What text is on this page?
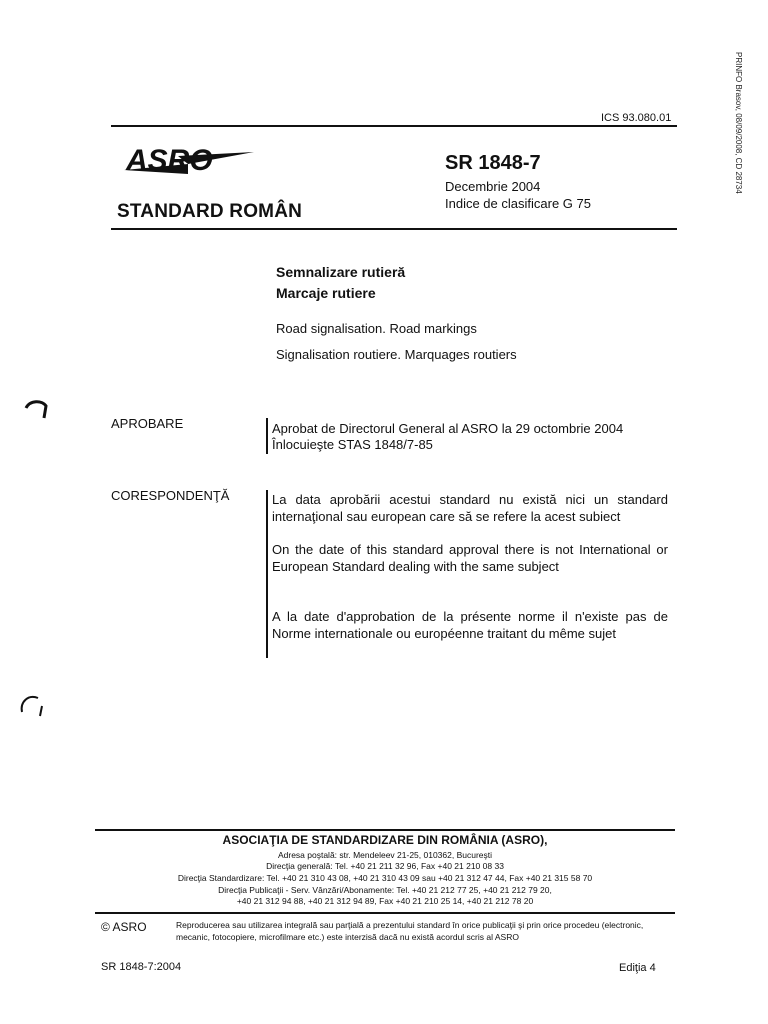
PRINFO Brasov, 08/09/2008, CD 28734
ICS 93.080.01
ASRO
STANDARD ROMÂN
SR 1848-7
Decembrie 2004
Indice de clasificare G 75
Semnalizare rutieră
Marcaje rutiere
Road signalisation. Road markings
Signalisation routiere. Marquages routiers
APROBARE	Aprobat de Directorul General al ASRO la 29 octombrie 2004
Înlocuieşte STAS 1848/7-85
CORESPONDENŢĂ	La data aprobării acestui standard nu există nici un standard internaţional sau european care să se refere la acest subiect
On the date of this standard approval there is not International or European Standard dealing with the same subject
A la date d'approbation de la présente norme il n'existe pas de Norme internationale ou européenne traitant du même sujet
ASOCIAŢIA DE STANDARDIZARE DIN ROMÂNIA (ASRO),
Adresa poştală: str. Mendeleev 21-25, 010362, Bucureşti
Direcţia generală: Tel. +40 21 211 32 96, Fax +40 21 210 08 33
Direcţia Standardizare: Tel. +40 21 310 43 08, +40 21 310 43 09 sau +40 21 312 47 44, Fax +40 21 315 58 70
Direcţia Publicaţii - Serv. Vânzări/Abonamente: Tel. +40 21 212 77 25, +40 21 212 79 20,
+40 21 312 94 88, +40 21 312 94 89, Fax +40 21 210 25 14, +40 21 212 78 20
© ASRO	Reproducerea sau utilizarea integrală sau parţială a prezentului standard în orice publicaţii şi prin orice procedeu (electronic, mecanic, fotocopiere, microfilmare etc.) este interzisă dacă nu există acordul scris al ASRO
SR 1848-7:2004	Ediţia 4
